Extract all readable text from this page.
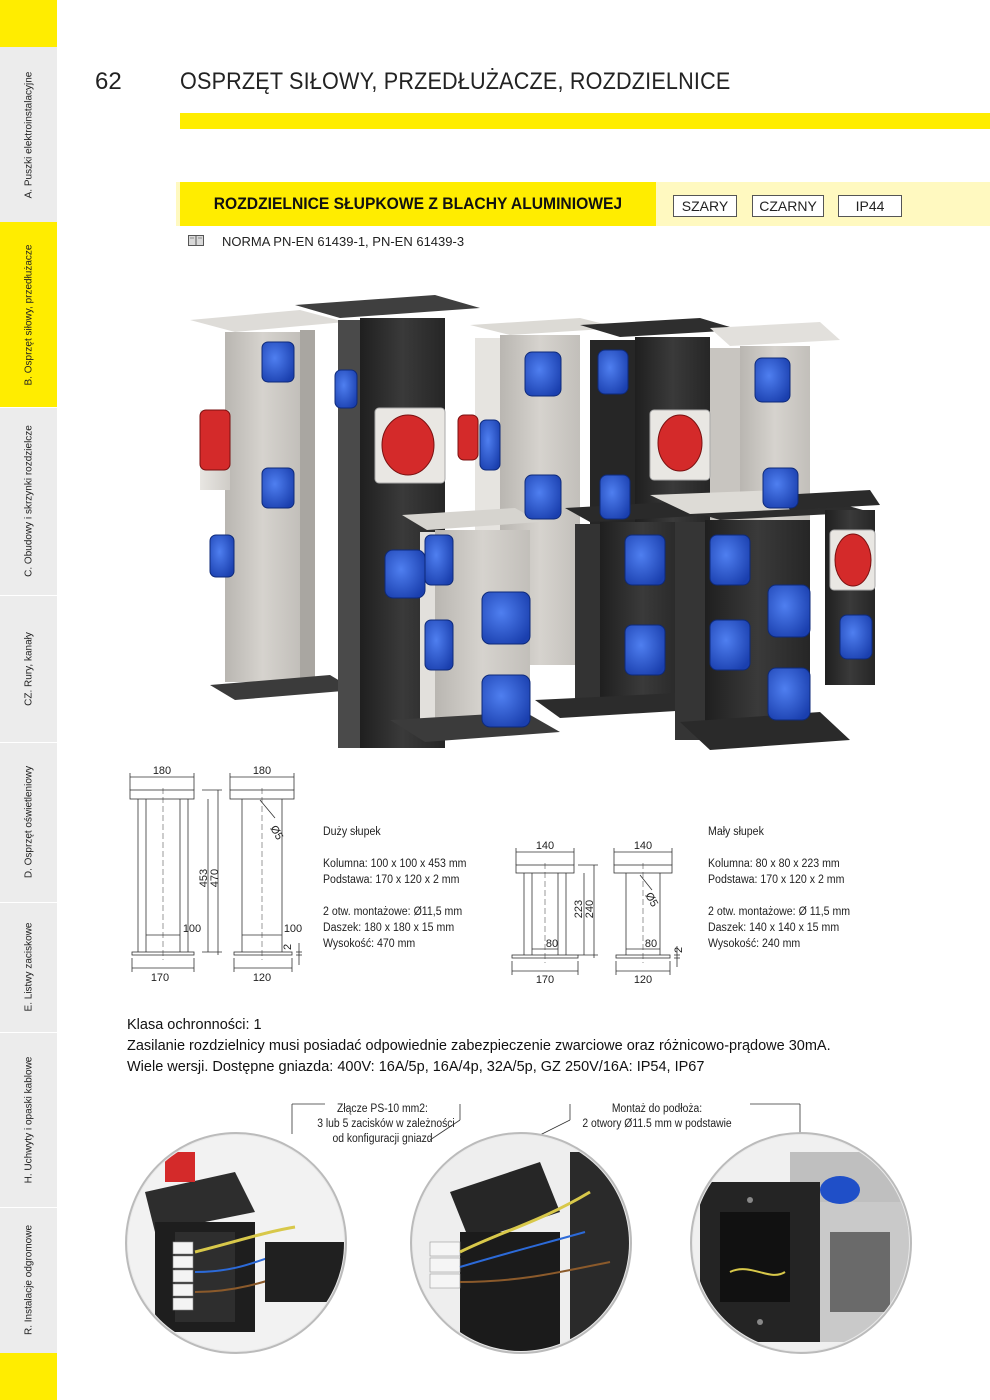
A. Puszki elektroinstalacyjne
B. Osprzęt siłowy, przedłużacze
C. Obudowy i skrzynki rozdzielcze
CZ. Rury, kanały
D. Osprzęt oświetleniowy
E. Listwy zaciskowe
H. Uchwyty i opaski kablowe
R. Instalacje odgromowe
62 OSPRZĘT SIŁOWY, PRZEDŁUŻACZE, ROZDZIELNICE
ROZDZIELNICE SŁUPKOWE Z BLACHY ALUMINIOWEJ	SZARY	CZARNY	IP44
NORMA PN-EN 61439-1, PN-EN 61439-3
180	180
100	100
170	120
453 470
Ø5
2
Duży słupek
Kolumna: 100 x 100 x 453 mm
Podstawa: 170 x 120 x 2 mm
2 otw. montażowe: Ø11,5 mm
Daszek: 180 x 180 x 15 mm
Wysokość: 470 mm
140	140
80	80
170	120
223 240	Ø5
2
Mały słupek
Kolumna: 80 x 80 x 223 mm
Podstawa: 170 x 120 x 2 mm
2 otw. montażowe: Ø 11,5 mm
Daszek: 140 x 140 x 15 mm
Wysokość: 240 mm
Klasa ochronności: 1
Zasilanie rozdzielnicy musi posiadać odpowiednie zabezpieczenie zwarciowe oraz różnicowo-prądowe 30mA.
Wiele wersji. Dostępne gniazda: 400V: 16A/5p, 16A/4p, 32A/5p, GZ 250V/16A: IP54, IP67
Złącze PS-10 mm2:
3 lub 5 zacisków w zależności
od konfiguracji gniazd
Montaż do podłoża:
2 otwory Ø11.5 mm w podstawie
